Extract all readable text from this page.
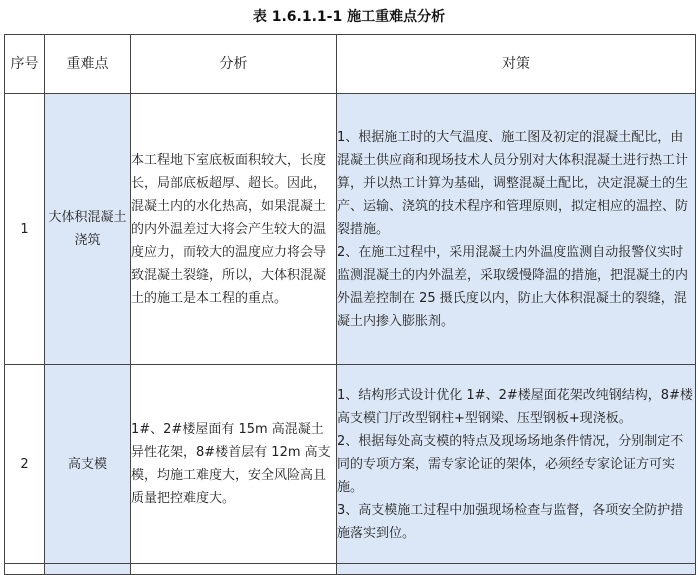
表 1.6.1.1-1 施工重难点分析
序号	重难点	分析	对策
1	大体积混凝土浇筑	本工程地下室底板面积较大，长度长，局部底板超厚、超长。因此，混凝土内的水化热高，如果混凝土的内外温差过大将会产生较大的温度应力，而较大的温度应力将会导致混凝土裂缝，所以，大体积混凝土的施工是本工程的重点。	1、根据施工时的大气温度、施工图及初定的混凝土配比，由混凝土供应商和现场技术人员分别对大体积混凝土进行热工计算，并以热工计算为基础，调整混凝土配比，决定混凝土的生产、运输、浇筑的技术程序和管理原则，拟定相应的温控、防裂措施。

2、在施工过程中，采用混凝土内外温度监测自动报警仪实时监测混凝土的内外温差，采取缓慢降温的措施，把混凝土的内外温差控制在 25 摄氏度以内，防止大体积混凝土的裂缝，混凝土内掺入膨胀剂。

2	高支模	1#、2#楼屋面有 15m 高混凝土异性花架，8#楼首层有 12m 高支模，均施工难度大，安全风险高且质量把控难度大。	1、结构形式设计优化 1#、2#楼屋面花架改纯钢结构，8#楼高支模门厅改型钢柱+型钢梁、压型钢板+现浇板。

2、根据每处高支模的特点及现场场地条件情况，分别制定不同的专项方案，需专家论证的架体，必须经专家论证方可实施。

3、高支模施工过程中加强现场检查与监督，各项安全防护措施落实到位。
